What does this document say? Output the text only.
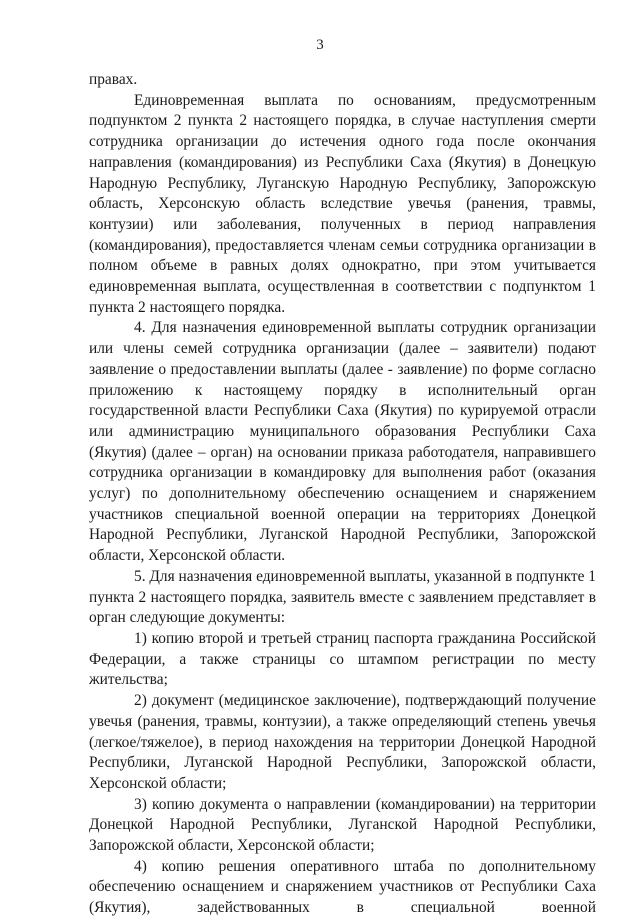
3

правах.

Единовременная выплата по основаниям, предусмотренным подпунктом 2 пункта 2 настоящего порядка, в случае наступления смерти сотрудника организации до истечения одного года после окончания направления (командирования) из Республики Саха (Якутия) в Донецкую Народную Республику, Луганскую Народную Республику, Запорожскую область, Херсонскую область вследствие увечья (ранения, травмы, контузии) или заболевания, полученных в период направления (командирования), предоставляется членам семьи сотрудника организации в полном объеме в равных долях однократно, при этом учитывается единовременная выплата, осуществленная в соответствии с подпунктом 1 пункта 2 настоящего порядка.

4. Для назначения единовременной выплаты сотрудник организации или члены семей сотрудника организации (далее – заявители) подают заявление о предоставлении выплаты (далее - заявление) по форме согласно приложению к настоящему порядку в исполнительный орган государственной власти Республики Саха (Якутия) по курируемой отрасли или администрацию муниципального образования Республики Саха (Якутия) (далее – орган) на основании приказа работодателя, направившего сотрудника организации в командировку для выполнения работ (оказания услуг) по дополнительному обеспечению оснащением и снаряжением участников специальной военной операции на территориях Донецкой Народной Республики, Луганской Народной Республики, Запорожской области, Херсонской области.

5. Для назначения единовременной выплаты, указанной в подпункте 1 пункта 2 настоящего порядка, заявитель вместе с заявлением представляет в орган следующие документы:

1) копию второй и третьей страниц паспорта гражданина Российской Федерации, а также страницы со штампом регистрации по месту жительства;

2) документ (медицинское заключение), подтверждающий получение увечья (ранения, травмы, контузии), а также определяющий степень увечья (легкое/тяжелое), в период нахождения на территории Донецкой Народной Республики, Луганской Народной Республики, Запорожской области, Херсонской области;

3) копию документа о направлении (командировании) на территории Донецкой Народной Республики, Луганской Народной Республики, Запорожской области, Херсонской области;

4) копию решения оперативного штаба по дополнительному обеспечению оснащением и снаряжением участников от Республики Саха (Якутия), задействованных в специальной военной
